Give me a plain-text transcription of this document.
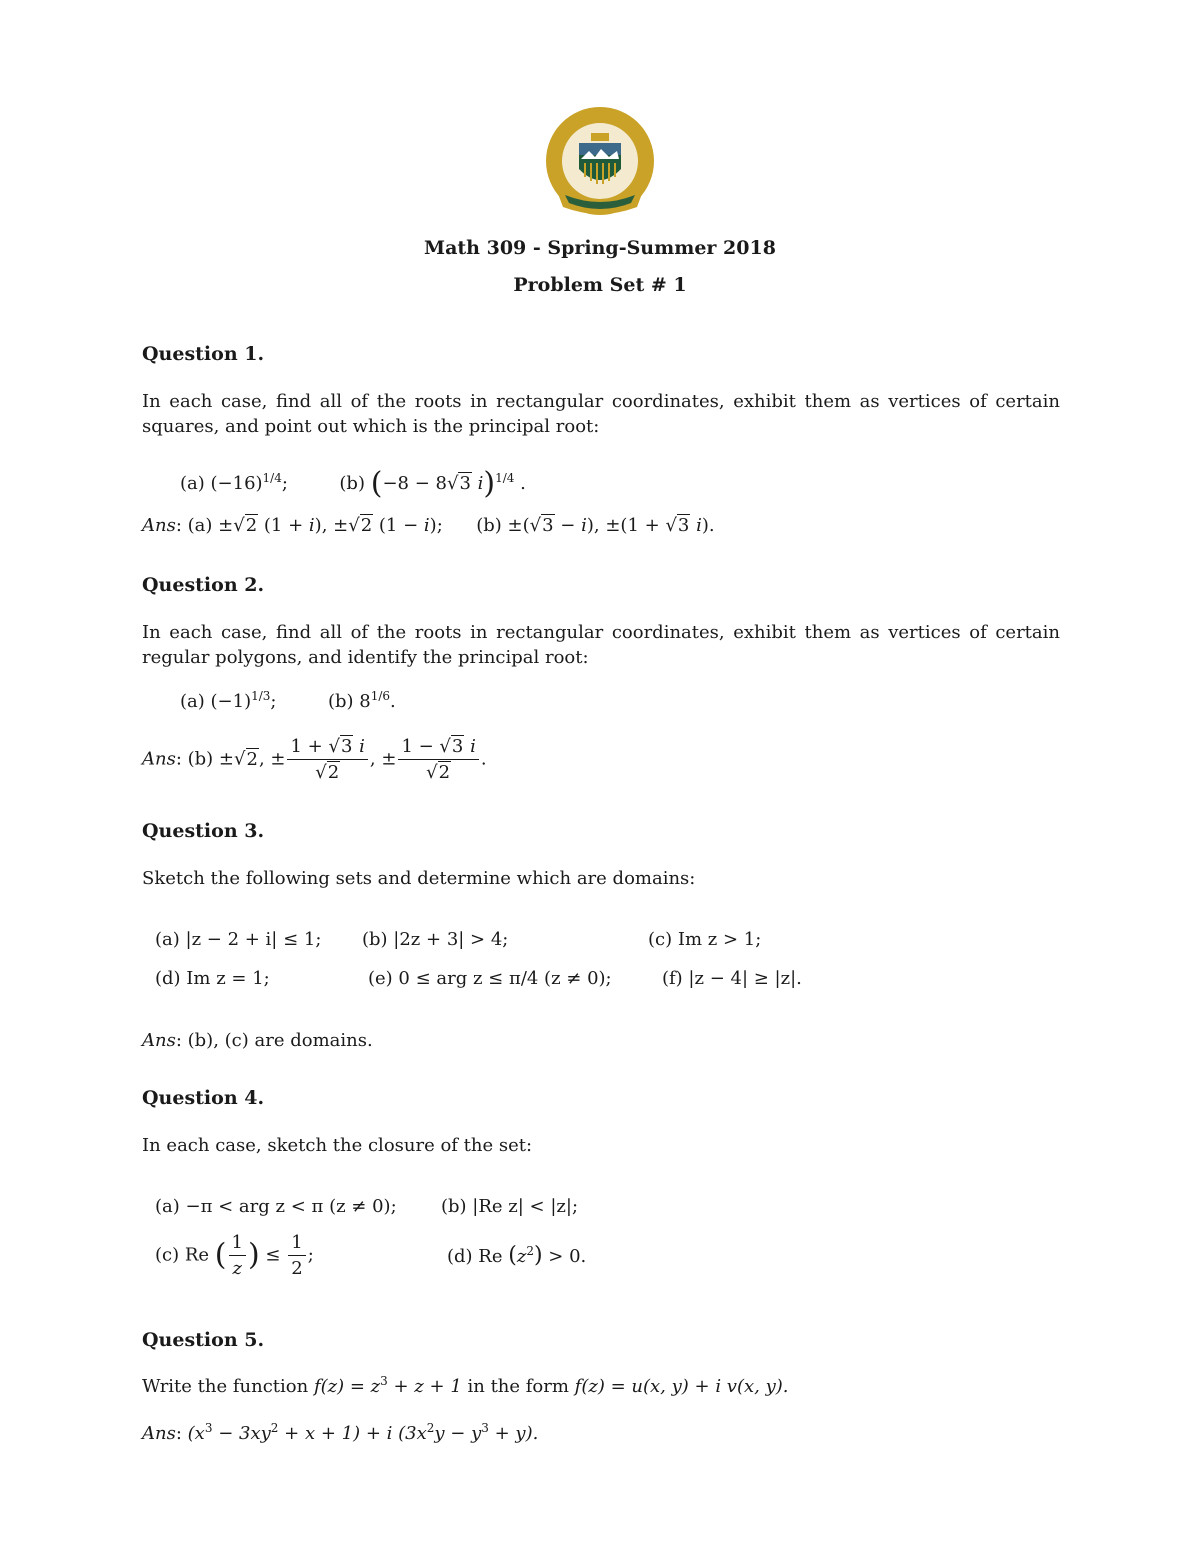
Math 309 - Spring-Summer 2018
Problem Set # 1
Question 1.
In each case, find all of the roots in rectangular coordinates, exhibit them as vertices of certain squares, and point out which is the principal root:
(a) $(-16)^{1/4}$;	(b) (−8 − 8√3 i)$^{1/4}$ .
Ans: (a) ±√2 (1 + i), ±√2 (1 − i); (b) ±(√3 − i), ±(1 + √3 i).
Question 2.
In each case, find all of the roots in rectangular coordinates, exhibit them as vertices of certain regular polygons, and identify the principal root:
(a) $(-1)^{1/3}$;	(b) $8^{1/6}$.
Ans: (b) ±√2, ± $\frac{1 + √3 i}{√2}$ , ± $\frac{1 - √3 i}{√2}$ .
Question 3.
Sketch the following sets and determine which are domains:
(a) |z − 2 + i| ≤ 1; (b) |2z + 3| > 4;	(c) Im z > 1;
(d) Im z = 1;	(e) 0 ≤ arg z ≤ π/4 (z ≠ 0);	(f) |z − 4| ≥ |z|.
Ans: (b), (c) are domains.
Question 4.
In each case, sketch the closure of the set:
(a) −π < arg z < π (z ≠ 0); (b) |Re z| < |z|;
(c) Re ( $\frac{1}{z}$ ) ≤ $\frac{1}{2}$ ;	(d) Re $(z^2) > 0$.
Question 5.
Write the function $f(z) = z^3 + z + 1$ in the form f(z) = u(x, y) + i v(x, y).
Ans: $(x^3 - 3xy^2 + x + 1) + i$ $(3x^2y - y^3 + y)$.
